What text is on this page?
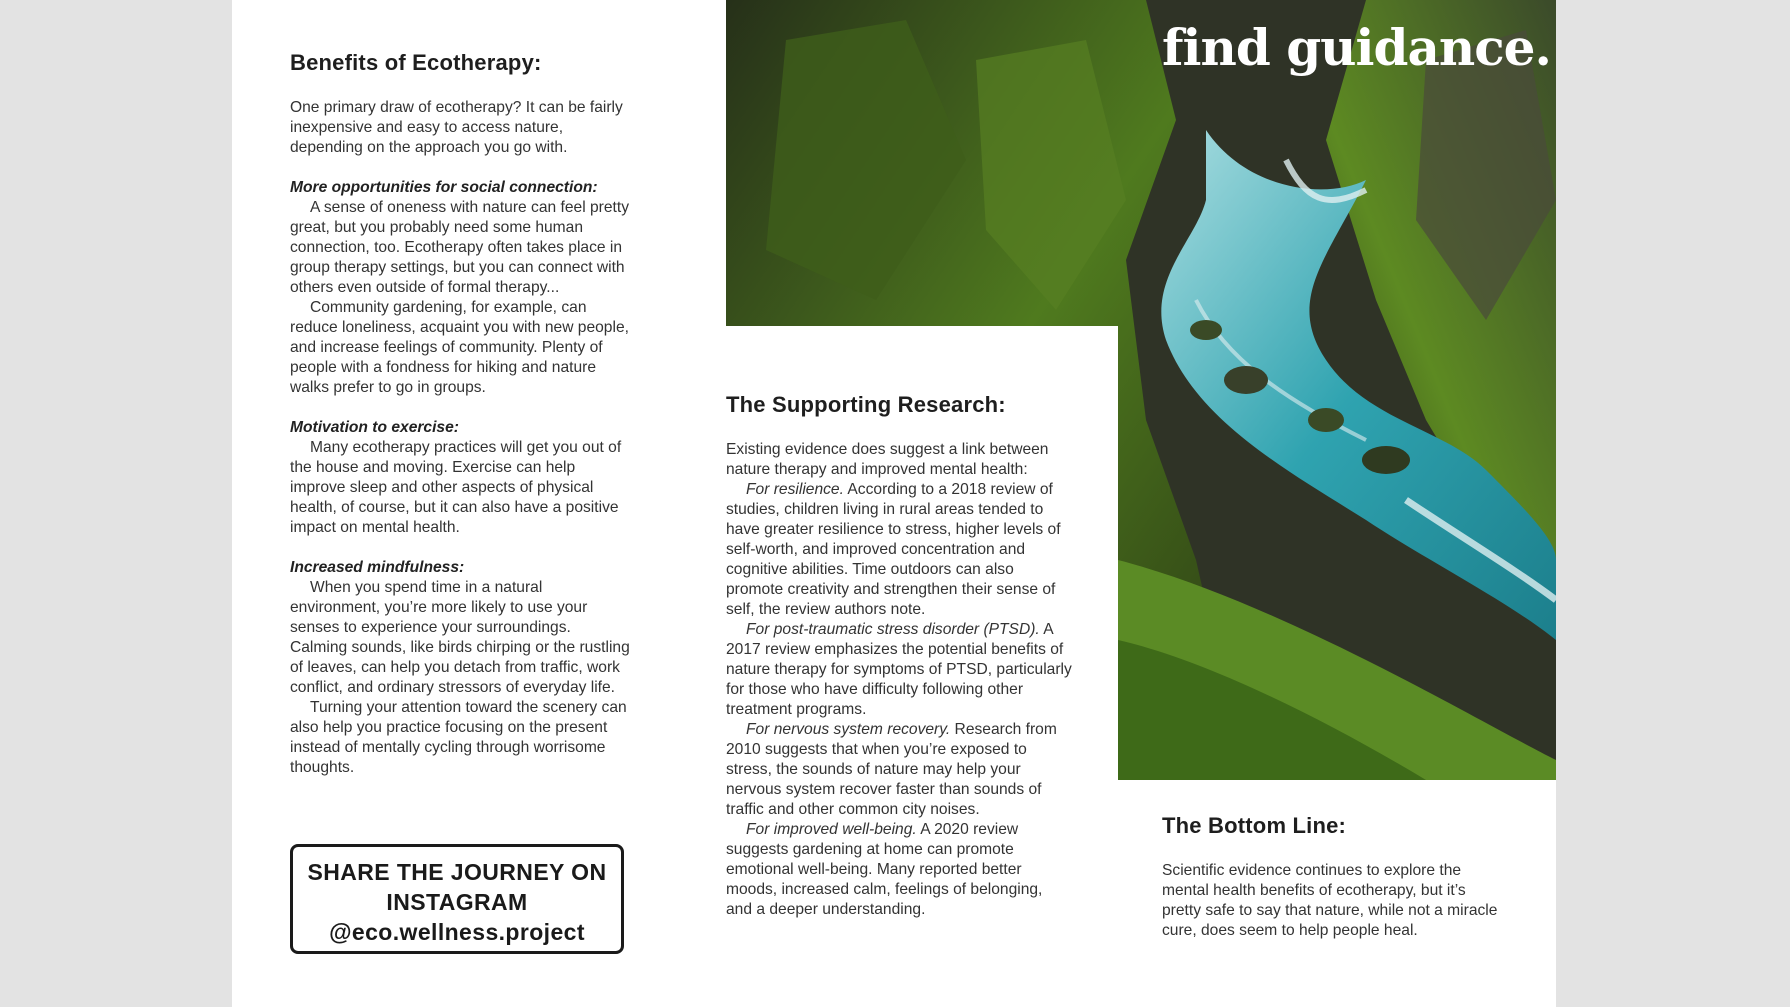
find guidance.
Benefits of Ecotherapy:

One primary draw of ecotherapy? It can be fairly inexpensive and easy to access nature, depending on the approach you go with.

More opportunities for social connection:

A sense of oneness with nature can feel pretty great, but you probably need some human connection, too. Ecotherapy often takes place in group therapy settings, but you can connect with others even outside of formal therapy...

Community gardening, for example, can reduce loneliness, acquaint you with new people, and increase feelings of community. Plenty of people with a fondness for hiking and nature walks prefer to go in groups.

Motivation to exercise:

Many ecotherapy practices will get you out of the house and moving. Exercise can help improve sleep and other aspects of physical health, of course, but it can also have a positive impact on mental health.

Increased mindfulness:

When you spend time in a natural environment, you’re more likely to use your senses to experience your surroundings. Calming sounds, like birds chirping or the rustling of leaves, can help you detach from traffic, work conflict, and ordinary stressors of everyday life.

Turning your attention toward the scenery can also help you practice focusing on the present instead of mentally cycling through worrisome thoughts.

SHARE THE JOURNEY ON
INSTAGRAM
@eco.wellness.project
The Supporting Research:

Existing evidence does suggest a link between nature therapy and improved mental health:

For resilience. According to a 2018 review of studies, children living in rural areas tended to have greater resilience to stress, higher levels of self-worth, and improved concentration and cognitive abilities. Time outdoors can also promote creativity and strengthen their sense of self, the review authors note.

For post-traumatic stress disorder (PTSD). A 2017 review emphasizes the potential benefits of nature therapy for symptoms of PTSD, particularly for those who have difficulty following other treatment programs.

For nervous system recovery. Research from 2010 suggests that when you’re exposed to stress, the sounds of nature may help your nervous system recover faster than sounds of traffic and other common city noises.

For improved well-being. A 2020 review suggests gardening at home can promote emotional well-being. Many reported better moods, increased calm, feelings of belonging, and a deeper understanding.

The Bottom Line:

Scientific evidence continues to explore the mental health benefits of ecotherapy, but it’s pretty safe to say that nature, while not a miracle cure, does seem to help people heal.
